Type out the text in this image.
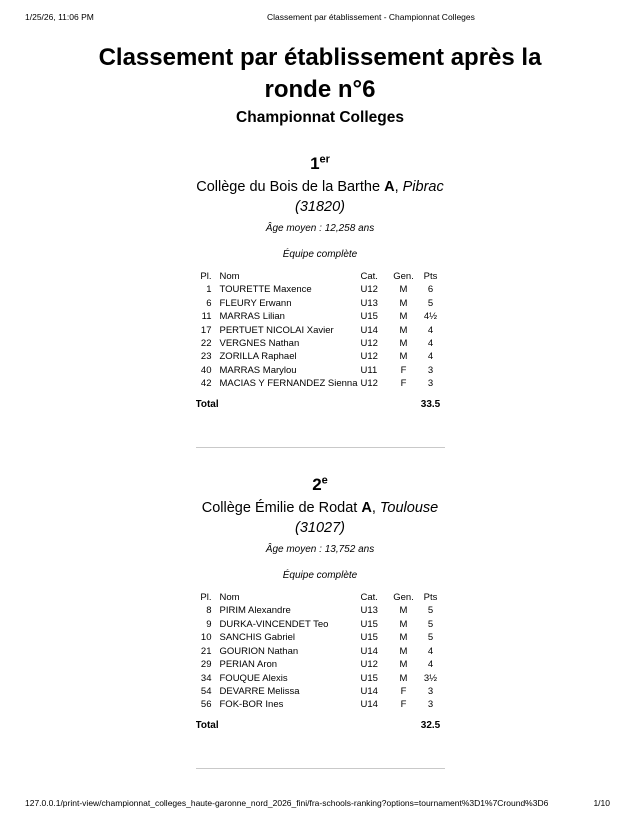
1/25/26, 11:06 PM	Classement par établissement - Championnat Colleges
Classement par établissement après la ronde n°6
Championnat Colleges
1er
Collège du Bois de la Barthe A, Pibrac
(31820)
Âge moyen : 12,258 ans
Équipe complète
Pl.	Nom	Cat.	Gen.	Pts
1	TOURETTE Maxence	U12	M	6
6	FLEURY Erwann	U13	M	5
11	MARRAS Lilian	U15	M	4½
17	PERTUET NICOLAI Xavier	U14	M	4
22	VERGNES Nathan	U12	M	4
23	ZORILLA Raphael	U12	M	4
40	MARRAS Marylou	U11	F	3
42	MACIAS Y FERNANDEZ Sienna	U12	F	3
Total				33.5
2e
Collège Émilie de Rodat A, Toulouse
(31027)
Âge moyen : 13,752 ans
Équipe complète
Pl.	Nom	Cat.	Gen.	Pts
8	PIRIM Alexandre	U13	M	5
9	DURKA-VINCENDET Teo	U15	M	5
10	SANCHIS Gabriel	U15	M	5
21	GOURION Nathan	U14	M	4
29	PERIAN Aron	U12	M	4
34	FOUQUE Alexis	U15	M	3½
54	DEVARRE Melissa	U14	F	3
56	FOK-BOR Ines	U14	F	3
Total				32.5
127.0.0.1/print-view/championnat_colleges_haute-garonne_nord_2026_fini/fra-schools-ranking?options=tournament%3D1%7Cround%3D6	1/10
